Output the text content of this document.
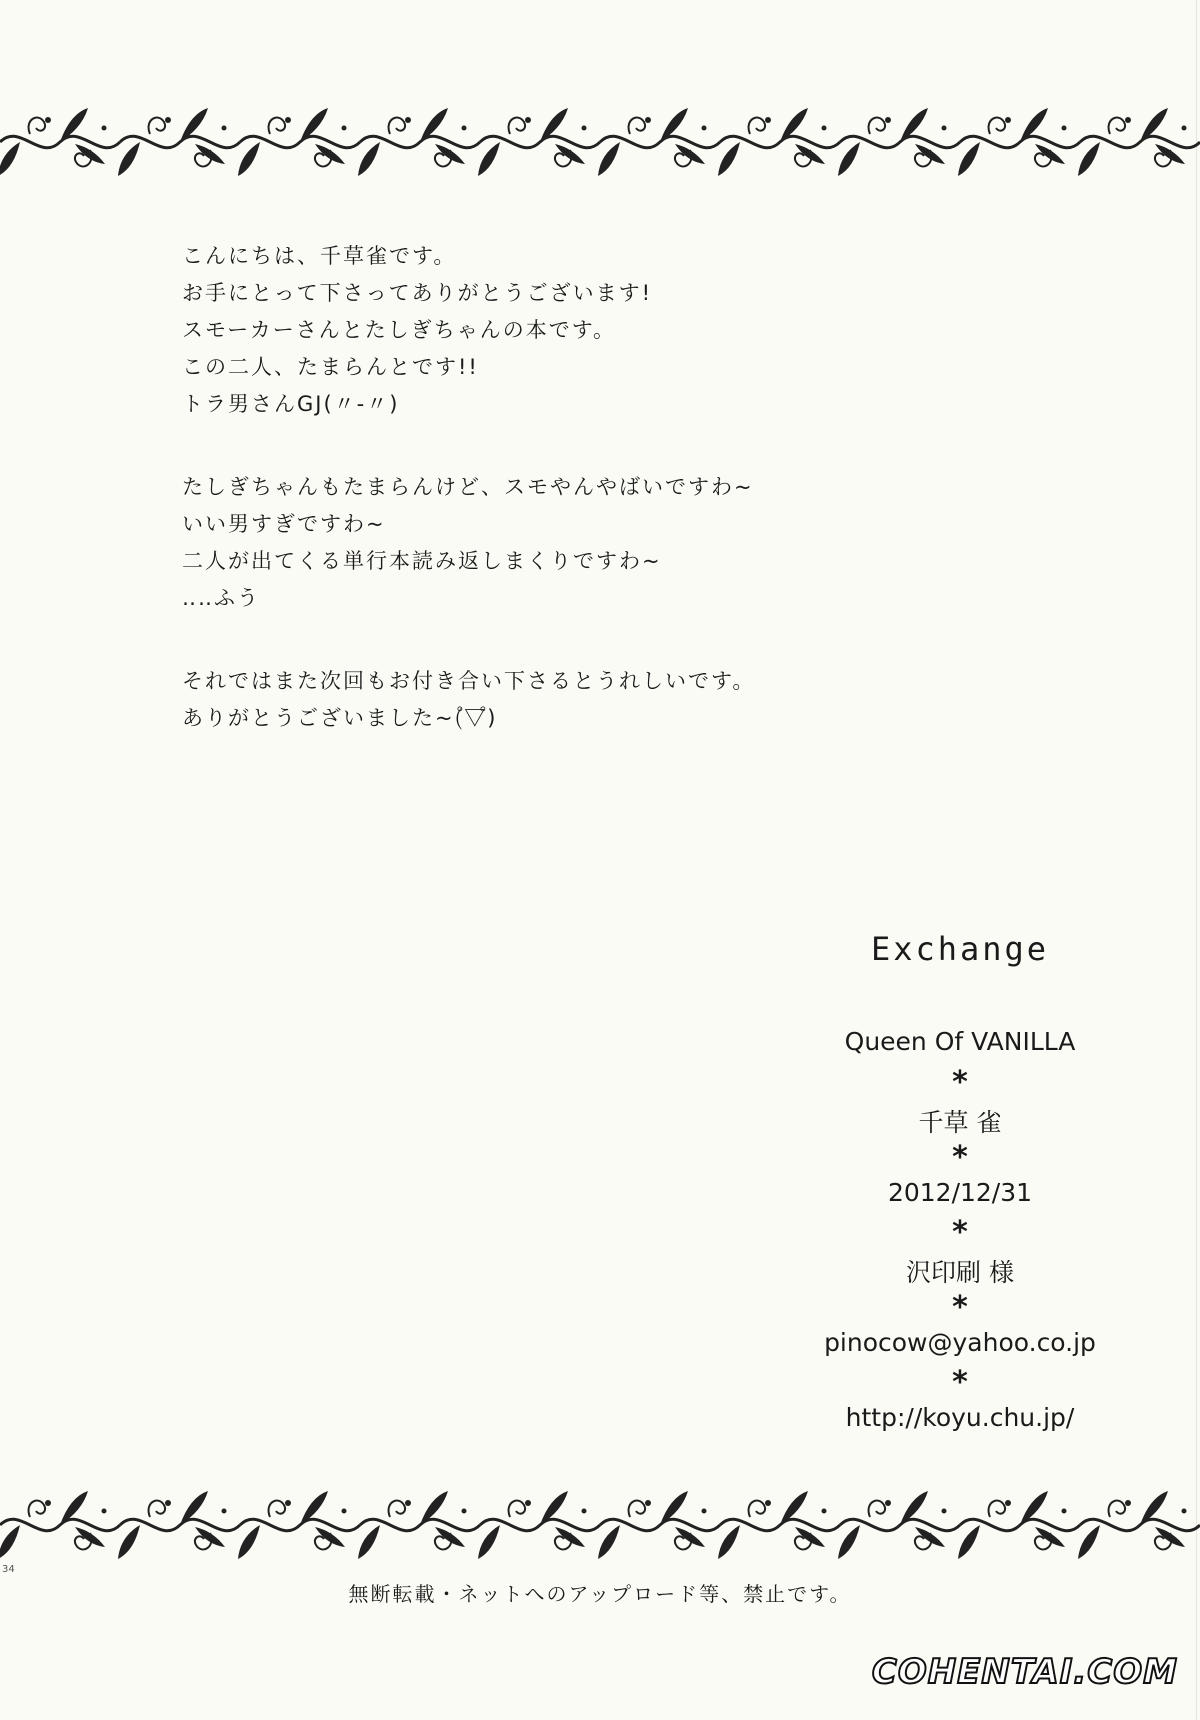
こんにちは、千草雀です。
お手にとって下さってありがとうございます!
スモーカーさんとたしぎちゃんの本です。
この二人、たまらんとです!!
トラ男さんGJ(〃-〃)
たしぎちゃんもたまらんけど、スモやんやばいですわ~
いい男すぎですわ~
二人が出てくる単行本読み返しまくりですわ~
‥‥ふう
それではまた次回もお付き合い下さるとうれしいです。
ありがとうございました~(゚▽゚)
Exchange
Queen Of VANILLA
*
千草 雀
*
2012/12/31
*
沢印刷 様
*
pinocow@yahoo.co.jp
*
http://koyu.chu.jp/
34
無断転載・ネットへのアップロード等、禁止です。
COHENTAI.COM
